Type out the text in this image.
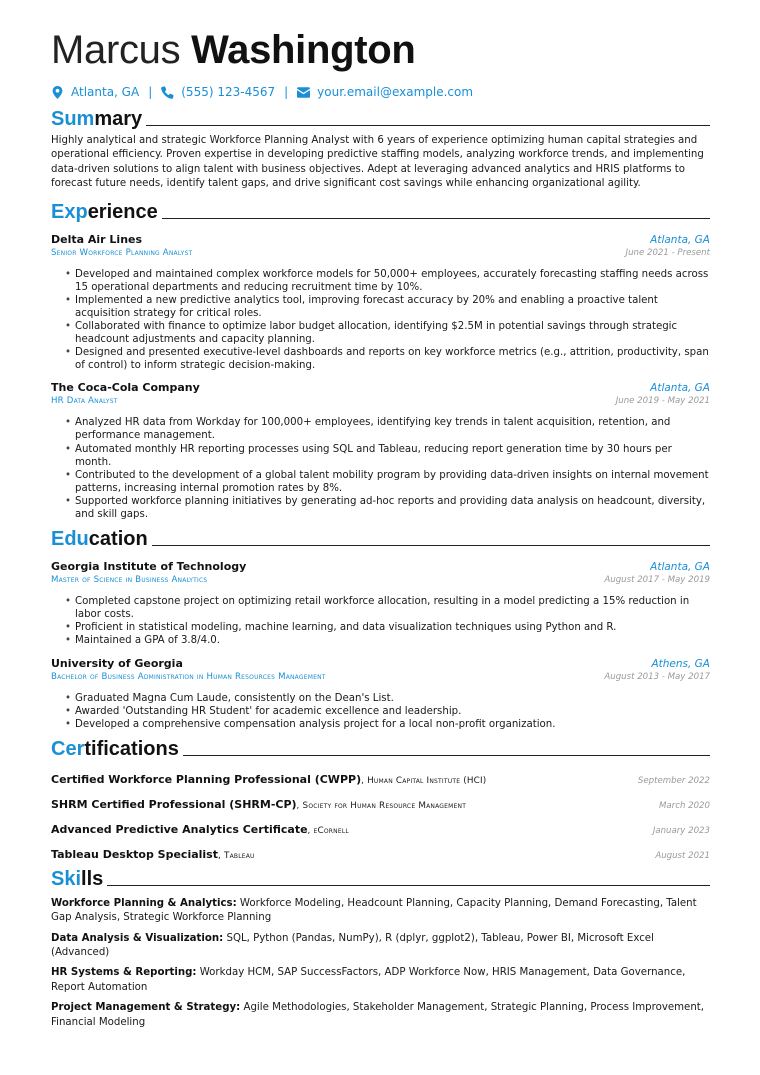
Marcus Washington
Atlanta, GA | (555) 123-4567 | your.email@example.com
Summary
Highly analytical and strategic Workforce Planning Analyst with 6 years of experience optimizing human capital strategies and operational efficiency. Proven expertise in developing predictive staffing models, analyzing workforce trends, and implementing data-driven solutions to align talent with business objectives. Adept at leveraging advanced analytics and HRIS platforms to forecast future needs, identify talent gaps, and drive significant cost savings while enhancing organizational agility.
Experience
Delta Air Lines	Atlanta, GA
Senior Workforce Planning Analyst	June 2021 - Present
• Developed and maintained complex workforce models for 50,000+ employees, accurately forecasting staffing needs across 15 operational departments and reducing recruitment time by 10%.
• Implemented a new predictive analytics tool, improving forecast accuracy by 20% and enabling a proactive talent acquisition strategy for critical roles.
• Collaborated with finance to optimize labor budget allocation, identifying $2.5M in potential savings through strategic headcount adjustments and capacity planning.
• Designed and presented executive-level dashboards and reports on key workforce metrics (e.g., attrition, productivity, span of control) to inform strategic decision-making.
The Coca-Cola Company	Atlanta, GA
HR Data Analyst	June 2019 - May 2021
• Analyzed HR data from Workday for 100,000+ employees, identifying key trends in talent acquisition, retention, and performance management.
• Automated monthly HR reporting processes using SQL and Tableau, reducing report generation time by 30 hours per month.
• Contributed to the development of a global talent mobility program by providing data-driven insights on internal movement patterns, increasing internal promotion rates by 8%.
• Supported workforce planning initiatives by generating ad-hoc reports and providing data analysis on headcount, diversity, and skill gaps.
Education
Georgia Institute of Technology	Atlanta, GA
Master of Science in Business Analytics	August 2017 - May 2019
• Completed capstone project on optimizing retail workforce allocation, resulting in a model predicting a 15% reduction in labor costs.
• Proficient in statistical modeling, machine learning, and data visualization techniques using Python and R.
• Maintained a GPA of 3.8/4.0.
University of Georgia	Athens, GA
Bachelor of Business Administration in Human Resources Management	August 2013 - May 2017
• Graduated Magna Cum Laude, consistently on the Dean's List.
• Awarded 'Outstanding HR Student' for academic excellence and leadership.
• Developed a comprehensive compensation analysis project for a local non-profit organization.
Certifications
Certified Workforce Planning Professional (CWPP), Human Capital Institute (HCI)	September 2022
SHRM Certified Professional (SHRM-CP), Society for Human Resource Management	March 2020
Advanced Predictive Analytics Certificate, eCornell	January 2023
Tableau Desktop Specialist, Tableau	August 2021
Skills
Workforce Planning & Analytics: Workforce Modeling, Headcount Planning, Capacity Planning, Demand Forecasting, Talent Gap Analysis, Strategic Workforce Planning
Data Analysis & Visualization: SQL, Python (Pandas, NumPy), R (dplyr, ggplot2), Tableau, Power BI, Microsoft Excel (Advanced)
HR Systems & Reporting: Workday HCM, SAP SuccessFactors, ADP Workforce Now, HRIS Management, Data Governance, Report Automation
Project Management & Strategy: Agile Methodologies, Stakeholder Management, Strategic Planning, Process Improvement, Financial Modeling
